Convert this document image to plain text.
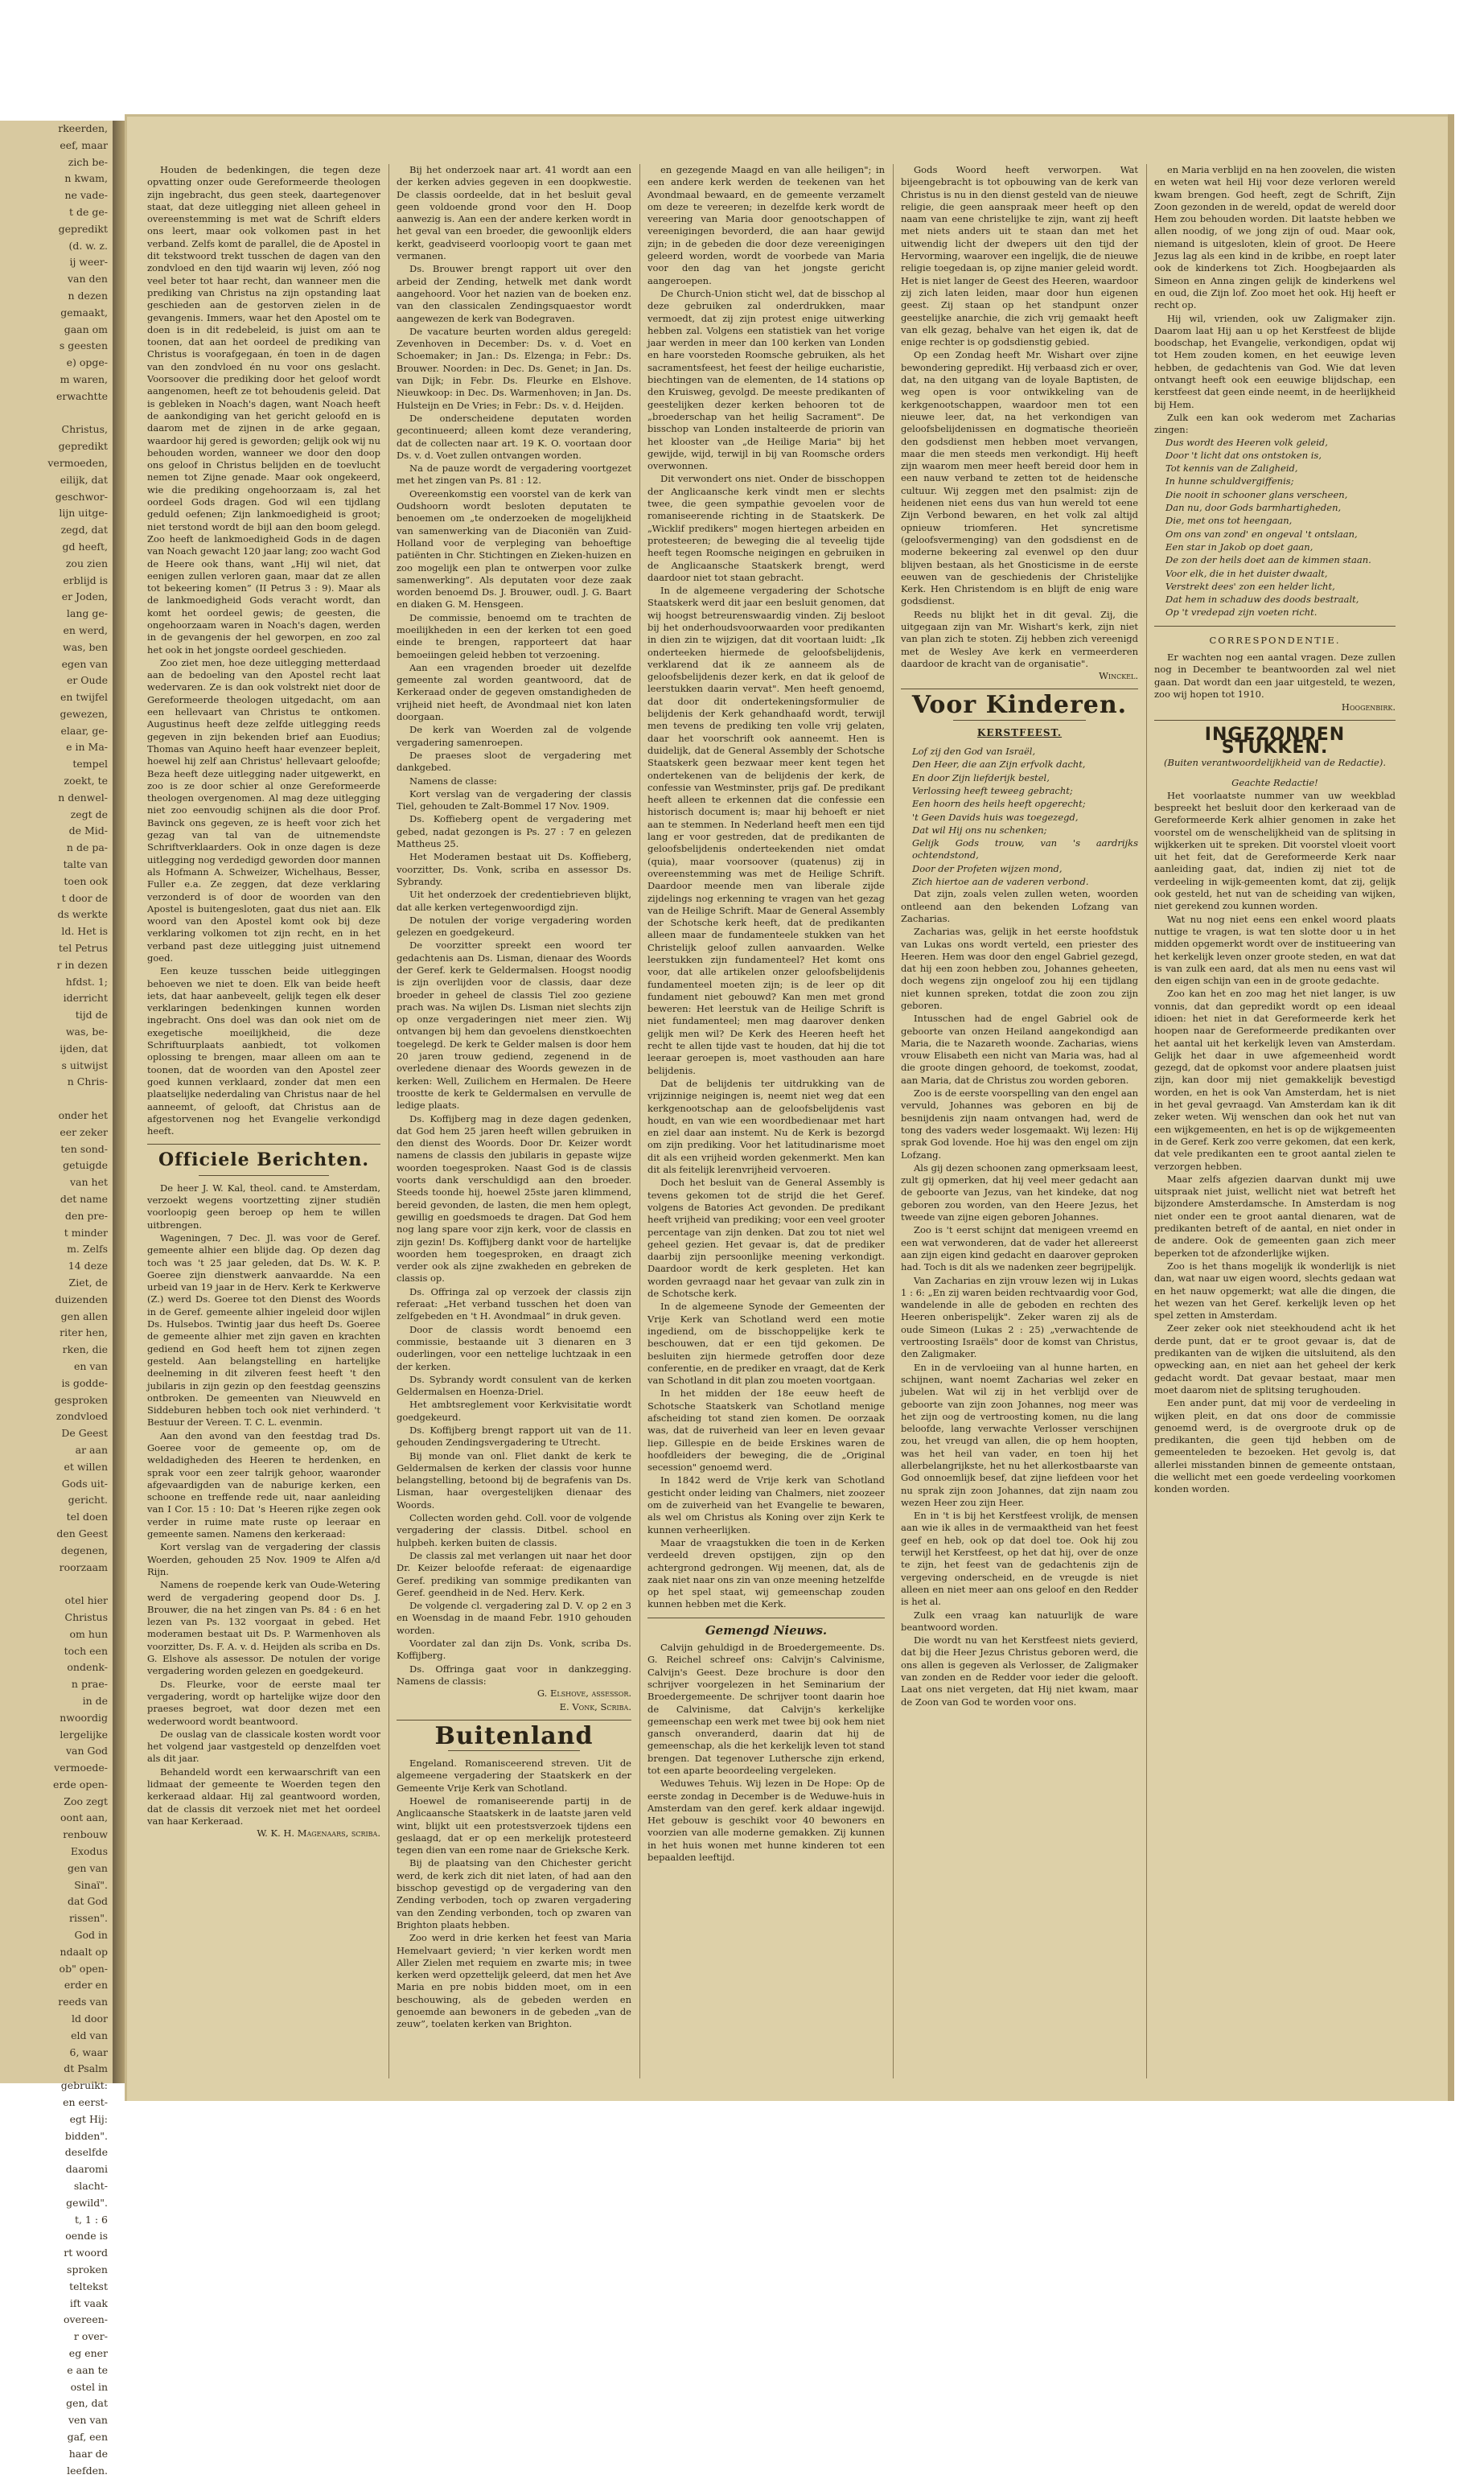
rkeerden,
eef, maar
zich be-
n kwam,
ne vade-
t de ge-
gepredikt
(d. w. z.
ij weer-
van den
n dezen
gemaakt,
gaan om
s geesten
e) opge-
m waren,
erwachtte

Christus,
gepredikt
vermoeden,
eilijk, dat
geschwor-
lijn uitge-
zegd, dat
gd heeft,
zou zien
erblijd is
er Joden,
lang ge-
en werd,
was, ben
egen van
er Oude
en twijfel
gewezen,
elaar, ge-
e in Ma-
tempel
zoekt, te
n denwel-
zegt de
de Mid-
n de pa-
talte van
toen ook
t door de
ds werkte
ld. Het is
tel Petrus
r in dezen
hfdst. 1;
iderricht
tijd de
was, be-
ijden, dat
s uitwijst
n Chris-

onder het
eer zeker
ten sond-
getuigde
van het
det name
den pre-
t minder
m. Zelfs
14 deze
Ziet, de
duizenden
gen allen
riter hen,
rken, die
en van
is godde-
gesproken
zondvloed
De Geest
ar aan
et willen
Gods uit-
gericht.
tel doen
den Geest
degenen,
roorzaam

otel hier
Christus
om hun
toch een
ondenk-
n prae-
in de
nwoordig
lergelijke
van God
vermoede-
erde open-
Zoo zegt
oont aan,
renbouw
Exodus
gen van
Sinaï".
dat God
rissen".
God in
ndaalt op
ob" open-
erder en
reeds van
ld door
eld van
6, waar
dt Psalm
gebruikt:
en eerst-
egt Hij:
bidden".
deselfde
daaromi
slacht-
gewild".
t, 1 : 6
oende is
rt woord
sproken
teltekst
ift vaak
overeen-
r over-
eg ener
e aan te
ostel in
gen, dat
ven van
gaf, een
haar de
leefden.

Houden de bedenkingen, die tegen deze opvatting onzer oude Gereformeerde theologen zijn ingebracht, dus geen steek, daartegenover staat, dat deze uitlegging niet alleen geheel in overeenstemming is met wat de Schrift elders ons leert, maar ook volkomen past in het verband. Zelfs komt de parallel, die de Apostel in dit tekstwoord trekt tusschen de dagen van den zondvloed en den tijd waarin wij leven, zóó nog veel beter tot haar recht, dan wanneer men die prediking van Christus na zijn opstanding laat geschieden aan de gestorven zielen in de gevangenis. Immers, waar het den Apostel om te doen is in dit redebeleid, is juist om aan te toonen, dat aan het oordeel de prediking van Christus is voorafgegaan, én toen in de dagen van den zondvloed én nu voor ons geslacht. Voorsoover die prediking door het geloof wordt aangenomen, heeft ze tot behoudenis geleid. Dat is gebleken in Noach's dagen, want Noach heeft de aankondiging van het gericht geloofd en is daarom met de zijnen in de arke gegaan, waardoor hij gered is geworden; gelijk ook wij nu behouden worden, wanneer we door den doop ons geloof in Christus belijden en de toevlucht nemen tot Zijne genade. Maar ook ongekeerd, wie die prediking ongehoorzaam is, zal het oordeel Gods dragen. God wil een tijdlang geduld oefenen; Zijn lankmoedigheid is groot; niet terstond wordt de bijl aan den boom gelegd. Zoo heeft de lankmoedigheid Gods in de dagen van Noach gewacht 120 jaar lang; zoo wacht God de Heere ook thans, want „Hij wil niet, dat eenigen zullen verloren gaan, maar dat ze allen tot bekeering komen” (II Petrus 3 : 9). Maar als de lankmoedigheid Gods veracht wordt, dan komt het oordeel gewis; de geesten, die ongehoorzaam waren in Noach's dagen, werden in de gevangenis der hel geworpen, en zoo zal het ook in het jongste oordeel geschieden.

Zoo ziet men, hoe deze uitlegging metterdaad aan de bedoeling van den Apostel recht laat wedervaren. Ze is dan ook volstrekt niet door de Gereformeerde theologen uitgedacht, om aan een hellevaart van Christus te ontkomen. Augustinus heeft deze zelfde uitlegging reeds gegeven in zijn bekenden brief aan Euodius; Thomas van Aquino heeft haar evenzeer bepleit, hoewel hij zelf aan Christus' hellevaart geloofde; Beza heeft deze uitlegging nader uitgewerkt, en zoo is ze door schier al onze Gereformeerde theologen overgenomen. Al mag deze uitlegging niet zoo eenvoudig schijnen als die door Prof. Bavinck ons gegeven, ze is heeft voor zich het gezag van tal van de uitnemendste Schriftverklaarders. Ook in onze dagen is deze uitlegging nog verdedigd geworden door mannen als Hofmann A. Schweizer, Wichelhaus, Besser, Fuller e.a. Ze zeggen, dat deze verklaring verzonderd is of door de woorden van den Apostel is buitengesloten, gaat dus niet aan. Elk woord van den Apostel komt ook bij deze verklaring volkomen tot zijn recht, en in het verband past deze uitlegging juist uitnemend goed.

Een keuze tusschen beide uitleggingen behoeven we niet te doen. Elk van beide heeft iets, dat haar aanbeveelt, gelijk tegen elk deser verklaringen bedenkingen kunnen worden ingebracht. Ons doel was dan ook niet om de exegetische moeilijkheid, die deze Schriftuurplaats aanbiedt, tot volkomen oplossing te brengen, maar alleen om aan te toonen, dat de woorden van den Apostel zeer goed kunnen verklaard, zonder dat men een plaatselijke nederdaling van Christus naar de hel aanneemt, of gelooft, dat Christus aan de afgestorvenen nog het Evangelie verkondigd heeft.

Officiele Berichten.

De heer J. W. Kal, theol. cand. te Amsterdam, verzoekt wegens voortzetting zijner studiën voorloopig geen beroep op hem te willen uitbrengen.

Wageningen, 7 Dec. Jl. was voor de Geref. gemeente alhier een blijde dag. Op dezen dag toch was 't 25 jaar geleden, dat Ds. W. K. P. Goeree zijn dienstwerk aanvaardde. Na een urbeid van 19 jaar in de Herv. Kerk te Kerkwerve (Z.) werd Ds. Goeree tot den Dienst des Woords in de Geref. gemeente alhier ingeleid door wijlen Ds. Hulsebos. Twintig jaar dus heeft Ds. Goeree de gemeente alhier met zijn gaven en krachten gediend en God heeft hem tot zijnen zegen gesteld. Aan belangstelling en hartelijke deelneming in dit zilveren feest heeft 't den jubilaris in zijn gezin op den feestdag geenszins ontbroken. De gemeenten van Nieuwveld en Siddeburen hebben toch ook niet verhinderd. 't Bestuur der Vereen. T. C. L. evenmin.

Aan den avond van den feestdag trad Ds. Goeree voor de gemeente op, om de weldadigheden des Heeren te herdenken, en sprak voor een zeer talrijk gehoor, waaronder afgevaardigden van de naburige kerken, een schoone en treffende rede uit, naar aanleiding van I Cor. 15 : 10: Dat 's Heeren rijke zegen ook verder in ruime mate ruste op leeraar en gemeente samen. Namens den kerkeraad:

Kort verslag van de vergadering der classis Woerden, gehouden 25 Nov. 1909 te Alfen a/d Rijn.

Namens de roepende kerk van Oude-Wetering werd de vergadering geopend door Ds. J. Brouwer, die na het zingen van Ps. 84 : 6 en het lezen van Ps. 132 voorgaat in gebed. Het moderamen bestaat uit Ds. P. Warmenhoven als voorzitter, Ds. F. A. v. d. Heijden als scriba en Ds. G. Elshove als assessor. De notulen der vorige vergadering worden gelezen en goedgekeurd.

Ds. Fleurke, voor de eerste maal ter vergadering, wordt op hartelijke wijze door den praeses begroet, wat door dezen met een wederwoord wordt beantwoord.

De ouslag van de classicale kosten wordt voor het volgend jaar vastgesteld op denzelfden voet als dit jaar.

Behandeld wordt een kerwaarschrift van een lidmaat der gemeente te Woerden tegen den kerkeraad aldaar. Hij zal geantwoord worden, dat de classis dit verzoek niet met het oordeel van haar Kerkeraad.

W. K. H. Magenaars, scriba.

Bij het onderzoek naar art. 41 wordt aan een der kerken advies gegeven in een doopkwestie. De classis oordeelde, dat in het besluit geval geen voldoende grond voor den H. Doop aanwezig is. Aan een der andere kerken wordt in het geval van een broeder, die gewoonlijk elders kerkt, geadviseerd voorloopig voort te gaan met vermanen.

Ds. Brouwer brengt rapport uit over den arbeid der Zending, hetwelk met dank wordt aangehoord. Voor het nazien van de boeken enz. van den classicalen Zendingsquaestor wordt aangewezen de kerk van Bodegraven.

De vacature beurten worden aldus geregeld: Zevenhoven in December: Ds. v. d. Voet en Schoemaker; in Jan.: Ds. Elzenga; in Febr.: Ds. Brouwer. Noorden: in Dec. Ds. Genet; in Jan. Ds. van Dijk; in Febr. Ds. Fleurke en Elshove. Nieuwkoop: in Dec. Ds. Warmenhoven; in Jan. Ds. Hulsteijn en De Vries; in Febr.: Ds. v. d. Heijden.

De onderscheidene deputaten worden gecontinueerd; alleen komt deze verandering, dat de collecten naar art. 19 K. O. voortaan door Ds. v. d. Voet zullen ontvangen worden.

Na de pauze wordt de vergadering voortgezet met het zingen van Ps. 81 : 12.

Overeenkomstig een voorstel van de kerk van Oudshoorn wordt besloten deputaten te benoemen om „te onderzoeken de mogelijkheid van samenwerking van de Diaconiën van Zuid-Holland voor de verpleging van behoeftige patiënten in Chr. Stichtingen en Zieken-huizen en zoo mogelijk een plan te ontwerpen voor zulke samenwerking”. Als deputaten voor deze zaak worden benoemd Ds. J. Brouwer, oudl. J. G. Baart en diaken G. M. Hensgeen.

De commissie, benoemd om te trachten de moeilijkheden in een der kerken tot een goed einde te brengen, rapporteert dat haar bemoeiingen geleid hebben tot verzoening.

Aan een vragenden broeder uit dezelfde gemeente zal worden geantwoord, dat de Kerkeraad onder de gegeven omstandigheden de vrijheid niet heeft, de Avondmaal niet kon laten doorgaan.

De kerk van Woerden zal de volgende vergadering samenroepen.

De praeses sloot de vergadering met dankgebed.

Namens de classe:

Kort verslag van de vergadering der classis Tiel, gehouden te Zalt-Bommel 17 Nov. 1909.

Ds. Koffieberg opent de vergadering met gebed, nadat gezongen is Ps. 27 : 7 en gelezen Mattheus 25.

Het Moderamen bestaat uit Ds. Koffieberg, voorzitter, Ds. Vonk, scriba en assessor Ds. Sybrandy.

Uit het onderzoek der credentiebrieven blijkt, dat alle kerken vertegenwoordigd zijn.

De notulen der vorige vergadering worden gelezen en goedgekeurd.

De voorzitter spreekt een woord ter gedachtenis aan Ds. Lisman, dienaar des Woords der Geref. kerk te Geldermalsen. Hoogst noodig is zijn overlijden voor de classis, daar deze broeder in geheel de classis Tiel zoo geziene prach was. Na wijlen Ds. Lisman niet slechts zijn op onze vergaderingen niet meer zien. Wij ontvangen bij hem dan gevoelens dienstkoechten toegelegd. De kerk te Gelder malsen is door hem 20 jaren trouw gediend, zegenend in de overledene dienaar des Woords gewezen in de kerken: Well, Zuilichem en Hermalen. De Heere troostte de kerk te Geldermalsen en vervulle de ledige plaats.

Ds. Koffijberg mag in deze dagen gedenken, dat God hem 25 jaren heeft willen gebruiken in den dienst des Woords. Door Dr. Keizer wordt namens de classis den jubilaris in gepaste wijze woorden toegesproken. Naast God is de classis voorts dank verschuldigd aan den broeder. Steeds toonde hij, hoewel 25ste jaren klimmend, bereid gevonden, de lasten, die men hem oplegt, gewillig en goedsmoeds te dragen. Dat God hem nog lang spare voor zijn kerk, voor de classis en zijn gezin! Ds. Koffijberg dankt voor de hartelijke woorden hem toegesproken, en draagt zich verder ook als zijne zwakheden en gebreken de classis op.

Ds. Offringa zal op verzoek der classis zijn referaat: „Het verband tusschen het doen van zelfgebeden en 't H. Avondmaal” in druk geven.

Door de classis wordt benoemd een commissie, bestaande uit 3 dienaren en 3 ouderlingen, voor een nettelige luchtzaak in een der kerken.

Ds. Sybrandy wordt consulent van de kerken Geldermalsen en Hoenza-Driel.

Het ambtsreglement voor Kerkvisitatie wordt goedgekeurd.

Ds. Koffijberg brengt rapport uit van de 11. gehouden Zendingsvergadering te Utrecht.

Bij monde van onl. Fliet dankt de kerk te Geldermalsen de kerken der classis voor hunne belangstelling, betoond bij de begrafenis van Ds. Lisman, haar overgestelijken dienaar des Woords.

Collecten worden gehd. Coll. voor de volgende vergadering der classis. Ditbel. school en hulpbeh. kerken buiten de classis.

De classis zal met verlangen uit naar het door Dr. Keizer beloofde referaat: de eigenaardige Geref. prediking van sommige predikanten van Geref. geendheid in de Ned. Herv. Kerk.

De volgende cl. vergadering zal D. V. op 2 en 3 en Woensdag in de maand Febr. 1910 gehouden worden.

Voordater zal dan zijn Ds. Vonk, scriba Ds. Koffijberg.

Ds. Offringa gaat voor in dankzegging. Namens de classis:

G. Elshove, assessor.

E. Vonk, Scriba.

Buitenland

Engeland. Romanisceerend streven. Uit de algemeene vergadering der Staatskerk en der Gemeente Vrije Kerk van Schotland.

Hoewel de romaniseerende partij in de Anglicaansche Staatskerk in de laatste jaren veld wint, blijkt uit een protestsverzoek tijdens een geslaagd, dat er op een merkelijk protesteerd tegen dien van een rome naar de Grieksche Kerk.

Bij de plaatsing van den Chichester gericht werd, de kerk zich dit niet laten, of had aan den bisschop gevestigd op de vergadering van den Zending verboden, toch op zwaren vergadering van den Zending verbonden, toch op zwaren van Brighton plaats hebben.

Zoo werd in drie kerken het feest van Maria Hemelvaart gevierd; 'n vier kerken wordt men Aller Zielen met requiem en zwarte mis; in twee kerken werd opzettelijk geleerd, dat men het Ave Maria en pre nobis bidden moet, om in een beschouwing, als de gebeden werden en genoemde aan bewoners in de gebeden „van de zeuw”, toelaten kerken van Brighton.

en gezegende Maagd en van alle heiligen"; in een andere kerk werden de teekenen van het Avondmaal bewaard, en de gemeente verzamelt om deze te vereeren; in dezelfde kerk wordt de vereering van Maria door genootschappen of vereenigingen bevorderd, die aan haar gewijd zijn; in de gebeden die door deze vereenigingen geleerd worden, wordt de voorbede van Maria voor den dag van het jongste gericht aangeroepen.

De Church-Union sticht wel, dat de bisschop al deze gebruiken zal onderdrukken, maar vermoedt, dat zij zijn protest enige uitwerking hebben zal. Volgens een statistiek van het vorige jaar werden in meer dan 100 kerken van Londen en hare voorsteden Roomsche gebruiken, als het sacramentsfeest, het feest der heilige eucharistie, biechtingen van de elementen, de 14 stations op den Kruisweg, gevolgd. De meeste predikanten of geestelijken dezer kerken behooren tot de „broederschap van het heilig Sacrament". De bisschop van Londen instalteerde de priorin van het klooster van „de Heilige Maria" bij het gewijde, wijd, terwijl in bij van Roomsche orders overwonnen.

Dit verwondert ons niet. Onder de bisschoppen der Anglicaansche kerk vindt men er slechts twee, die geen sympathie gevoelen voor de romaniseerende richting in de Staatskerk. De „Wicklif predikers" mogen hiertegen arbeiden en protesteeren; de beweging die al teveelig tijde heeft tegen Roomsche neigingen en gebruiken in de Anglicaansche Staatskerk brengt, werd daardoor niet tot staan gebracht.

In de algemeene vergadering der Schotsche Staatskerk werd dit jaar een besluit genomen, dat wij hoogst betreurenswaardig vinden. Zij besloot bij het onderhoudsvoorwaarden voor predikanten in dien zin te wijzigen, dat dit voortaan luidt: „Ik onderteeken hiermede de geloofsbelijdenis, verklarend dat ik ze aanneem als de geloofsbelijdenis dezer kerk, en dat ik geloof de leerstukken daarin vervat". Men heeft genoemd, dat door dit ondertekeningsformulier de belijdenis der Kerk gehandhaafd wordt, terwijl men tevens de prediking ten volle vrij gelaten, daar het voorschrift ook aanneemt. Hen is duidelijk, dat de General Assembly der Schotsche Staatskerk geen bezwaar meer kent tegen het ondertekenen van de belijdenis der kerk, de confessie van Westminster, prijs gaf. De predikant heeft alleen te erkennen dat die confessie een historisch document is; maar hij behoeft er niet aan te stemmen. In Nederland heeft men een tijd lang er voor gestreden, dat de predikanten de geloofsbelijdenis onderteekenden niet omdat (quia), maar voorsoover (quatenus) zij in overeenstemming was met de Heilige Schrift. Daardoor meende men van liberale zijde zijdelings nog erkenning te vragen van het gezag van de Heilige Schrift. Maar de General Assembly der Schotsche kerk heeft, dat de predikanten alleen maar de fundamenteele stukken van het Christelijk geloof zullen aanvaarden. Welke leerstukken zijn fundamenteel? Het komt ons voor, dat alle artikelen onzer geloofsbelijdenis fundamenteel moeten zijn; is de leer op dit fundament niet gebouwd? Kan men met grond beweren: Het leerstuk van de Heilige Schrift is niet fundamenteel; men mag daarover denken gelijk men wil? De Kerk des Heeren heeft het recht te allen tijde vast te houden, dat hij die tot leeraar geroepen is, moet vasthouden aan hare belijdenis.

Dat de belijdenis ter uitdrukking van de vrijzinnige neigingen is, neemt niet weg dat een kerkgenootschap aan de geloofsbelijdenis vast houdt, en van wie een woordbedienaar met hart en ziel daar aan instemt. Nu de Kerk is bezorgd om zijn prediking. Voor het latitudinarisme moet dit als een vrijheid worden gekenmerkt. Men kan dit als feitelijk lerenvrijheid vervoeren.

Doch het besluit van de General Assembly is tevens gekomen tot de strijd die het Geref. volgens de Batories Act gevonden. De predikant heeft vrijheid van prediking; voor een veel grooter percentage van zijn denken. Dat zou tot niet wel geheel gezien. Het gevaar is, dat de prediker daarbij zijn persoonlijke meening verkondigt. Daardoor wordt de kerk gespleten. Het kan worden gevraagd naar het gevaar van zulk zin in de Schotsche kerk.

In de algemeene Synode der Gemeenten der Vrije Kerk van Schotland werd een motie ingediend, om de bisschoppelijke kerk te beschouwen, dat er een tijd gekomen. De besluiten zijn hiermede getroffen door deze conferentie, en de prediker en vraagt, dat de Kerk van Schotland in dit plan zou moeten voortgaan.

In het midden der 18e eeuw heeft de Schotsche Staatskerk van Schotland menige afscheiding tot stand zien komen. De oorzaak was, dat de ruiverheid van leer en leven gevaar liep. Gillespie en de beide Erskines waren de hoofdleiders der beweging, die de „Original secession" genoemd werd.

In 1842 werd de Vrije kerk van Schotland gesticht onder leiding van Chalmers, niet zoozeer om de zuiverheid van het Evangelie te bewaren, als wel om Christus als Koning over zijn Kerk te kunnen verheerlijken.

Maar de vraagstukken die toen in de Kerken verdeeld dreven opstijgen, zijn op den achtergrond gedrongen. Wij meenen, dat, als de zaak niet naar ons zin van onze meening hetzelfde op het spel staat, wij gemeenschap zouden kunnen hebben met die Kerk.

Gemengd Nieuws.

Calvijn gehuldigd in de Broedergemeente. Ds. G. Reichel schreef ons: Calvijn's Calvinisme, Calvijn's Geest. Deze brochure is door den schrijver voorgelezen in het Seminarium der Broedergemeente. De schrijver toont daarin hoe de Calvinisme, dat Calvijn's kerkelijke gemeenschap een werk met twee bij ook hem niet gansch onveranderd, daarin dat hij de gemeenschap, als die het kerkelijk leven tot stand brengen. Dat tegenover Luthersche zijn erkend, tot een aparte beoordeeling vergeleken.

Weduwes Tehuis. Wij lezen in De Hope: Op de eerste zondag in December is de Weduwe-huis in Amsterdam van den geref. kerk aldaar ingewijd. Het gebouw is geschikt voor 40 bewoners en voorzien van alle moderne gemakken. Zij kunnen in het huis wonen met hunne kinderen tot een bepaalden leeftijd.

Gods Woord heeft verworpen. Wat bijeengebracht is tot opbouwing van de kerk van Christus is nu in den dienst gesteld van de nieuwe religie, die geen aanspraak meer heeft op den naam van eene christelijke te zijn, want zij heeft met niets anders uit te staan dan met het uitwendig licht der dwepers uit den tijd der Hervorming, waarover een ingelijk, die de nieuwe religie toegedaan is, op zijne manier geleid wordt. Het is niet langer de Geest des Heeren, waardoor zij zich laten leiden, maar door hun eigenen geest. Zij staan op het standpunt onzer geestelijke anarchie, die zich vrij gemaakt heeft van elk gezag, behalve van het eigen ik, dat de enige rechter is op godsdienstig gebied.

Op een Zondag heeft Mr. Wishart over zijne bewondering gepredikt. Hij verbaasd zich er over, dat, na den uitgang van de loyale Baptisten, de weg open is voor ontwikkeling van de kerkgenootschappen, waardoor men tot een nieuwe leer, dat, na het verkondigen van geloofsbelijdenissen en dogmatische theorieën den godsdienst men hebben moet vervangen, maar die men steeds men verkondigt. Hij heeft zijn waarom men meer heeft bereid door hem in een nauw verband te zetten tot de heidensche cultuur. Wij zeggen met den psalmist: zijn de heidenen niet eens dus van hun wereld tot eene Zijn Verbond bewaren, en het volk zal altijd opnieuw triomferen. Het syncretisme (geloofsvermenging) van den godsdienst en de moderne bekeering zal evenwel op den duur blijven bestaan, als het Gnosticisme in de eerste eeuwen van de geschiedenis der Christelijke Kerk. Hen Christendom is en blijft de enig ware godsdienst.

Reeds nu blijkt het in dit geval. Zij, die uitgegaan zijn van Mr. Wishart's kerk, zijn niet van plan zich te stoten. Zij hebben zich vereenigd met de Wesley Ave kerk en vermeerderen daardoor de kracht van de organisatie".

Winckel.

Voor Kinderen.
KERSTFEEST.

Lof zij den God van Israël,

Den Heer, die aan Zijn erfvolk dacht,

En door Zijn liefderijk bestel,

Verlossing heeft teweeg gebracht;

Een hoorn des heils heeft opgerecht;

't Geen Davids huis was toegezegd,

Dat wil Hij ons nu schenken;

Gelijk Gods trouw, van 's aardrijks ochtendstond,

Door der Profeten wijzen mond,

Zich hiertoe aan de vaderen verbond.

Dat zijn, zoals velen zullen weten, woorden ontleend aan den bekenden Lofzang van Zacharias.

Zacharias was, gelijk in het eerste hoofdstuk van Lukas ons wordt verteld, een priester des Heeren. Hem was door den engel Gabriel gezegd, dat hij een zoon hebben zou, Johannes geheeten, doch wegens zijn ongeloof zou hij een tijdlang niet kunnen spreken, totdat die zoon zou zijn geboren.

Intusschen had de engel Gabriel ook de geboorte van onzen Heiland aangekondigd aan Maria, die te Nazareth woonde. Zacharias, wiens vrouw Elisabeth een nicht van Maria was, had al die groote dingen gehoord, de toekomst, zoodat, aan Maria, dat de Christus zou worden geboren.

Zoo is de eerste voorspelling van den engel aan vervuld, Johannes was geboren en bij de besnijdenis zijn naam ontvangen had, werd de tong des vaders weder losgemaakt. Wij lezen: Hij sprak God lovende. Hoe hij was den engel om zijn Lofzang.

Als gij dezen schoonen zang opmerksaam leest, zult gij opmerken, dat hij veel meer gedacht aan de geboorte van Jezus, van het kindeke, dat nog geboren zou worden, van den Heere Jezus, het tweede van zijne eigen geboren Johannes.

Zoo is 't eerst schijnt dat menigeen vreemd en een wat verwonderen, dat de vader het allereerst aan zijn eigen kind gedacht en daarover geproken had. Toch is dit als we nadenken zeer begrijpelijk.

Van Zacharias en zijn vrouw lezen wij in Lukas 1 : 6: „En zij waren beiden rechtvaardig voor God, wandelende in alle de geboden en rechten des Heeren onberispelijk". Zeker waren zij als de oude Simeon (Lukas 2 : 25) „verwachtende de vertroosting Israëls" door de komst van Christus, den Zaligmaker.

En in de vervloeiing van al hunne harten, en schijnen, want noemt Zacharias wel zeker en jubelen. Wat wil zij in het verblijd over de geboorte van zijn zoon Johannes, nog meer was het zijn oog de vertroosting komen, nu die lang beloofde, lang verwachte Verlosser verschijnen zou, het vreugd van allen, die op hem hoopten, was het heil van vader, en toen hij het allerbelangrijkste, het nu het allerkostbaarste van God onnoemlijk besef, dat zijne liefdeen voor het nu sprak zijn zoon Johannes, dat zijn naam zou wezen Heer zou zijn Heer.

En in 't is bij het Kerstfeest vrolijk, de mensen aan wie ik alles in de vermaaktheid van het feest geef en heb, ook op dat doel toe. Ook hij zou terwijl het Kerstfeest, op het dat hij, over de onze te zijn, het feest van de gedachtenis zijn de vergeving onderscheid, en de vreugde is niet alleen en niet meer aan ons geloof en den Redder is het al.

Zulk een vraag kan natuurlijk de ware beantwoord worden.

Die wordt nu van het Kerstfeest niets gevierd, dat bij die Heer Jezus Christus geboren werd, die ons allen is gegeven als Verlosser, de Zaligmaker van zonden en de Redder voor ieder die gelooft. Laat ons niet vergeten, dat Hij niet kwam, maar de Zoon van God te worden voor ons.

en Maria verblijd en na hen zoovelen, die wisten en weten wat heil Hij voor deze verloren wereld kwam brengen. God heeft, zegt de Schrift, Zijn Zoon gezonden in de wereld, opdat de wereld door Hem zou behouden worden. Dit laatste hebben we allen noodig, of we jong zijn of oud. Maar ook, niemand is uitgesloten, klein of groot. De Heere Jezus lag als een kind in de kribbe, en roept later ook de kinderkens tot Zich. Hoogbejaarden als Simeon en Anna zingen gelijk de kinderkens wel en oud, die Zijn lof. Zoo moet het ook. Hij heeft er recht op.

Hij wil, vrienden, ook uw Zaligmaker zijn. Daarom laat Hij aan u op het Kerstfeest de blijde boodschap, het Evangelie, verkondigen, opdat wij tot Hem zouden komen, en het eeuwige leven hebben, de gedachtenis van God. Wie dat leven ontvangt heeft ook een eeuwige blijdschap, een kerstfeest dat geen einde neemt, in de heerlijkheid bij Hem.

Zulk een kan ook wederom met Zacharias zingen:

Dus wordt des Heeren volk geleid,

Door 't licht dat ons ontstoken is,

Tot kennis van de Zaligheid,

In hunne schuldvergiffenis;

Die nooit in schooner glans verscheen,

Dan nu, door Gods barmhartigheden,

Die, met ons tot heengaan,

Om ons van zond' en ongeval 't ontslaan,

Een star in Jakob op doet gaan,

De zon der heils doet aan de kimmen staan.

Voor elk, die in het duister dwaalt,

Verstrekt dees' zon een helder licht,

Dat hem in schaduw des doods bestraalt,

Op 't vredepad zijn voeten richt.

CORRESPONDENTIE.

Er wachten nog een aantal vragen. Deze zullen nog in December te beantwoorden zal wel niet gaan. Dat wordt dan een jaar uitgesteld, te wezen, zoo wij hopen tot 1910.

Hoogenbirk.

INGEZONDEN STUKKEN.
(Buiten verantwoordelijkheid van de Redactie).

Geachte Redactie!

Het voorlaatste nummer van uw weekblad bespreekt het besluit door den kerkeraad van de Gereformeerde Kerk alhier genomen in zake het voorstel om de wenschelijkheid van de splitsing in wijkkerken uit te spreken. Dit voorstel vloeit voort uit het feit, dat de Gereformeerde Kerk naar aanleiding gaat, dat, indien zij niet tot de verdeeling in wijk-gemeenten komt, dat zij, gelijk ook gesteld, het nut van de scheiding van wijken, niet gerekend zou kunnen worden.

Wat nu nog niet eens een enkel woord plaats nuttige te vragen, is wat ten slotte door u in het midden opgemerkt wordt over de institueering van het kerkelijk leven onzer groote steden, en wat dat is van zulk een aard, dat als men nu eens vast wil den eigen schijn van een in de groote gedachte.

Zoo kan het en zoo mag het niet langer, is uw vonnis, dat dan gepredikt wordt op een ideaal idioen: het niet in dat Gereformeerde kerk het hoopen naar de Gereformeerde predikanten over het aantal uit het kerkelijk leven van Amsterdam. Gelijk het daar in uwe afgemeenheid wordt gezegd, dat de opkomst voor andere plaatsen juist zijn, kan door mij niet gemakkelijk bevestigd worden, en het is ook Van Amsterdam, het is niet in het geval gevraagd. Van Amsterdam kan ik dit zeker weten. Wij wenschen dan ook het nut van een wijkgemeenten, en het is op de wijkgemeenten in de Geref. Kerk zoo verre gekomen, dat een kerk, dat vele predikanten een te groot aantal zielen te verzorgen hebben.

Maar zelfs afgezien daarvan dunkt mij uwe uitspraak niet juist, wellicht niet wat betreft het bijzondere Amsterdamsche. In Amsterdam is nog niet onder een te groot aantal dienaren, wat de predikanten betreft of de aantal, en niet onder in de andere. Ook de gemeenten gaan zich meer beperken tot de afzonderlijke wijken.

Zoo is het thans mogelijk ik wonderlijk is niet dan, wat naar uw eigen woord, slechts gedaan wat en het nauw opgemerkt; wat alle die dingen, die het wezen van het Geref. kerkelijk leven op het spel zetten in Amsterdam.

Zeer zeker ook niet steekhoudend acht ik het derde punt, dat er te groot gevaar is, dat de predikanten van de wijken die uitsluitend, als den opwecking aan, en niet aan het geheel der kerk gedacht wordt. Dat gevaar bestaat, maar men moet daarom niet de splitsing terughouden.

Een ander punt, dat mij voor de verdeeling in wijken pleit, en dat ons door de commissie genoemd werd, is de overgroote druk op de predikanten, die geen tijd hebben om de gemeenteleden te bezoeken. Het gevolg is, dat allerlei misstanden binnen de gemeente ontstaan, die wellicht met een goede verdeeling voorkomen konden worden.
